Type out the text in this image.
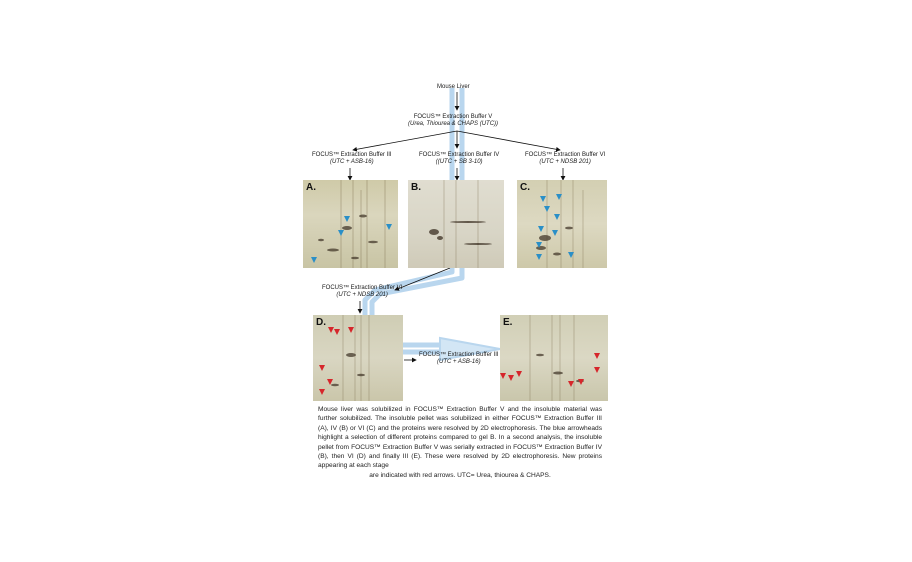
Mouse Liver
FOCUS™ Extraction Buffer V
(Urea, Thiourea & CHAPS (UTC))
FOCUS™ Extraction Buffer III
(UTC + ASB-16)
FOCUS™ Extraction Buffer IV
((UTC + SB 3-10)
FOCUS™ Extraction Buffer VI
(UTC + NDSB 201)
FOCUS™ Extraction Buffer VI
(UTC + NDSB 201)
FOCUS™ Extraction Buffer III
(UTC + ASB-16)
A.	B.	C.
D.	E.
Mouse liver was solubilized in FOCUS™ Extraction Buffer V and the insoluble material was further solubilized. The insoluble pellet was solubilized in either FOCUS™ Extraction Buffer III (A), IV (B) or VI (C) and the proteins were resolved by 2D electrophoresis. The blue arrowheads highlight a selection of different proteins compared to gel B. In a second analysis, the insoluble pellet from FOCUS™ Extraction Buffer V was serially extracted in FOCUS™ Extraction Buffer IV (B), then VI (D) and finally III (E). These were resolved by 2D electrophoresis. New proteins appearing at each stage
are indicated with red arrows. UTC= Urea, thiourea & CHAPS.
